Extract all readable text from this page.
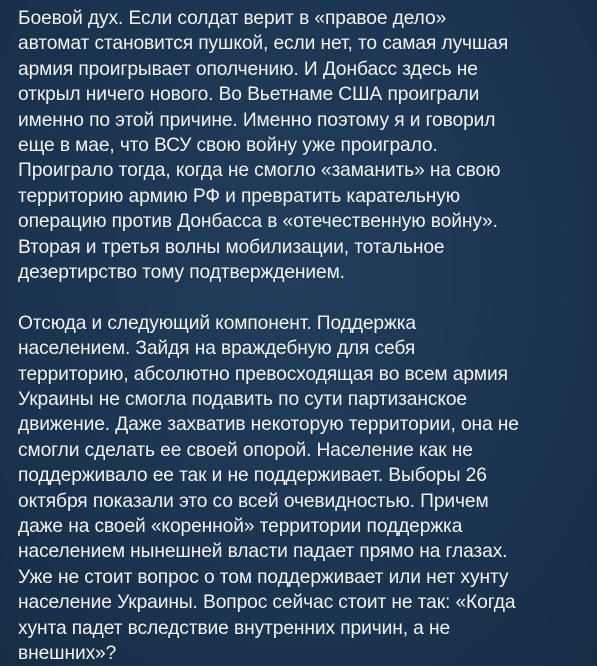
Боевой дух. Если солдат верит в «правое дело»
автомат становится пушкой, если нет, то самая лучшая
армия проигрывает ополчению. И Донбасс здесь не
открыл ничего нового. Во Вьетнаме США проиграли
именно по этой причине. Именно поэтому я и говорил
еще в мае, что ВСУ свою войну уже проиграло.
Проиграло тогда, когда не смогло «заманить» на свою
территорию армию РФ и превратить карательную
операцию против Донбасса в «отечественную войну».
Вторая и третья волны мобилизации, тотальное
дезертирство тому подтверждением.
Отсюда и следующий компонент. Поддержка
населением. Зайдя на враждебную для себя
территорию, абсолютно превосходящая во всем армия
Украины не смогла подавить по сути партизанское
движение. Даже захватив некоторую территории, она не
смогли сделать ее своей опорой. Население как не
поддерживало ее так и не поддерживает. Выборы 26
октября показали это со всей очевидностью. Причем
даже на своей «коренной» территории поддержка
населением нынешней власти падает прямо на глазах.
Уже не стоит вопрос о том поддерживает или нет хунту
население Украины. Вопрос сейчас стоит не так: «Когда
хунта падет вследствие внутренних причин, а не
внешних»?
